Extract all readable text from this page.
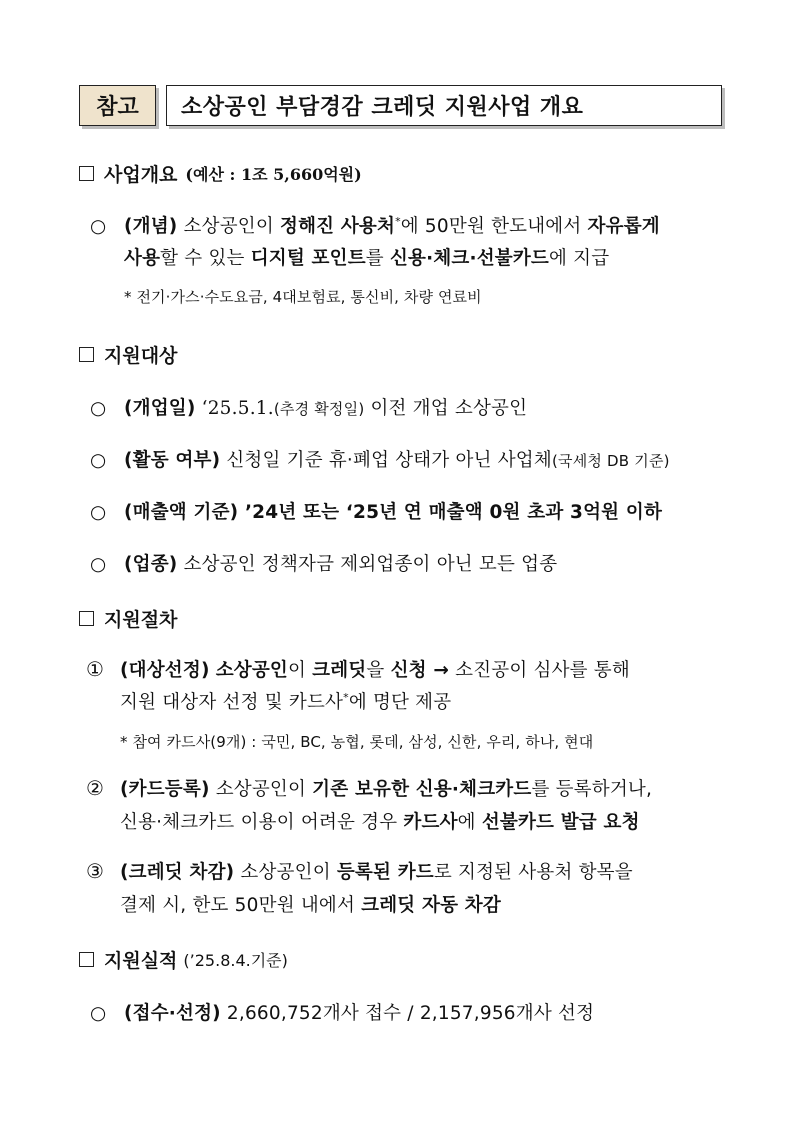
참고	소상공인 부담경감 크레딧 지원사업 개요
사업개요 (예산 : 1조 5,660억원)
○ (개념) 소상공인이 정해진 사용처*에 50만원 한도내에서 자유롭게
사용할 수 있는 디지털 포인트를 신용·체크·선불카드에 지급
* 전기·가스·수도요금, 4대보험료, 통신비, 차량 연료비
지원대상
○ (개업일) ‘25.5.1.(추경 확정일) 이전 개업 소상공인
○ (활동 여부) 신청일 기준 휴·폐업 상태가 아닌 사업체(국세청 DB 기준)
○ (매출액 기준) ’24년 또는 ‘25년 연 매출액 0원 초과 3억원 이하
○ (업종) 소상공인 정책자금 제외업종이 아닌 모든 업종
지원절차
① (대상선정) 소상공인이 크레딧을 신청 → 소진공이 심사를 통해
지원 대상자 선정 및 카드사*에 명단 제공
* 참여 카드사(9개) : 국민, BC, 농협, 롯데, 삼성, 신한, 우리, 하나, 현대
② (카드등록) 소상공인이 기존 보유한 신용·체크카드를 등록하거나,
신용·체크카드 이용이 어려운 경우 카드사에 선불카드 발급 요청
③ (크레딧 차감) 소상공인이 등록된 카드로 지정된 사용처 항목을
결제 시, 한도 50만원 내에서 크레딧 자동 차감
지원실적 (’25.8.4.기준)
○ (접수·선정) 2,660,752개사 접수 / 2,157,956개사 선정
